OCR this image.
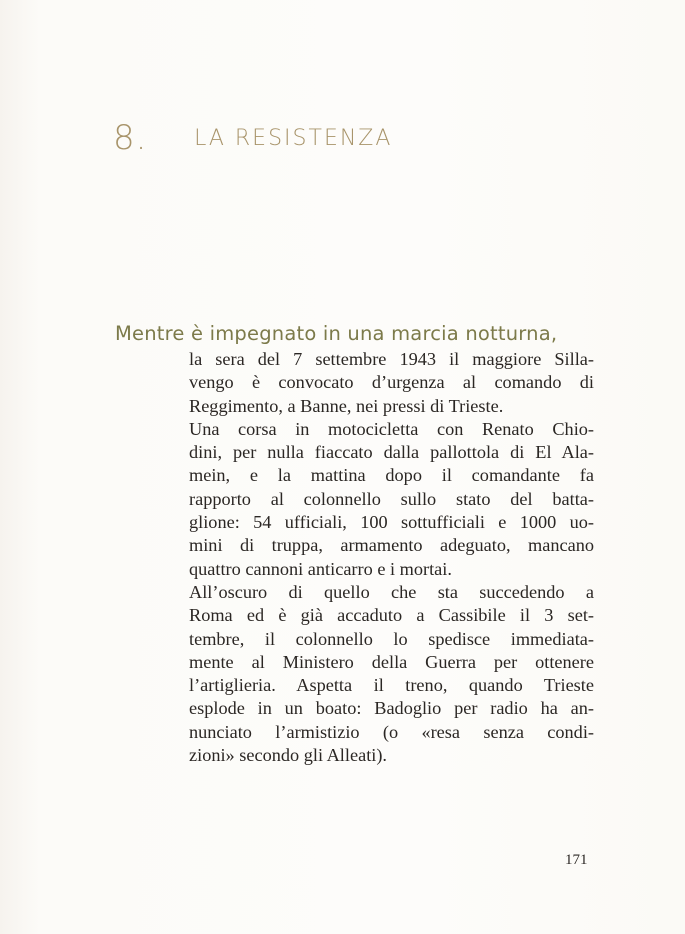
8. LA RESISTENZA
Mentre è impegnato in una marcia notturna,
la sera del 7 settembre 1943 il maggiore Silla-
vengo è convocato d’urgenza al comando di
Reggimento, a Banne, nei pressi di Trieste.
Una corsa in motocicletta con Renato Chio-
dini, per nulla fiaccato dalla pallottola di El Ala-
mein, e la mattina dopo il comandante fa
rapporto al colonnello sullo stato del batta-
glione: 54 ufficiali, 100 sottufficiali e 1000 uo-
mini di truppa, armamento adeguato, mancano
quattro cannoni anticarro e i mortai.
All’oscuro di quello che sta succedendo a
Roma ed è già accaduto a Cassibile il 3 set-
tembre, il colonnello lo spedisce immediata-
mente al Ministero della Guerra per ottenere
l’artiglieria. Aspetta il treno, quando Trieste
esplode in un boato: Badoglio per radio ha an-
nunciato l’armistizio (o «resa senza condi-
zioni» secondo gli Alleati).
171
